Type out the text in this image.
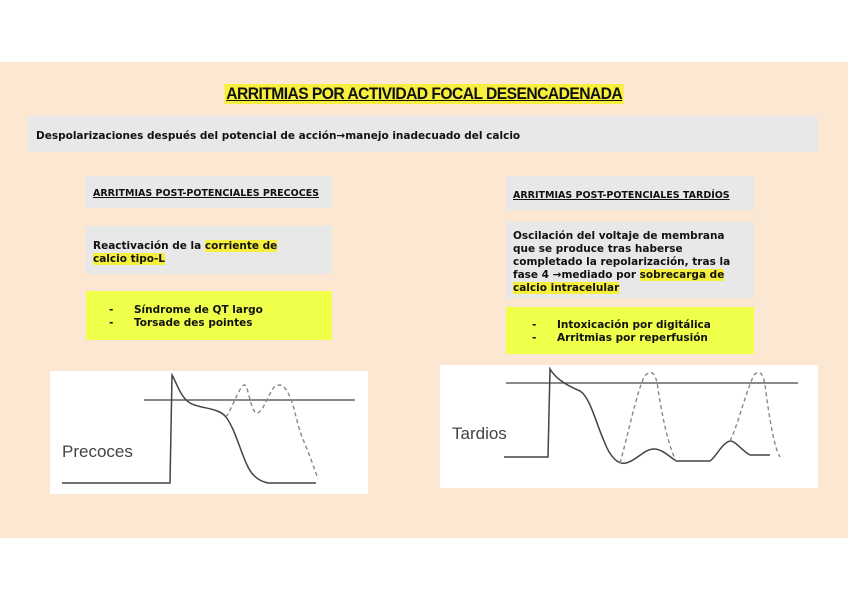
ARRITMIAS POR ACTIVIDAD FOCAL DESENCADENADA
Despolarizaciones después del potencial de acción→manejo inadecuado del calcio
ARRITMIAS POST-POTENCIALES PRECOCES
Reactivación de la corriente de calcio tipo-L
-	Síndrome de QT largo
-	Torsade des pointes
ARRITMIAS POST-POTENCIALES TARDÍOS
Oscilación del voltaje de membrana que se produce tras haberse completado la repolarización, tras la fase 4 →mediado por sobrecarga de calcio intracelular
-	Intoxicación por digitálica
-	Arritmias por reperfusión
Precoces
Tardios
